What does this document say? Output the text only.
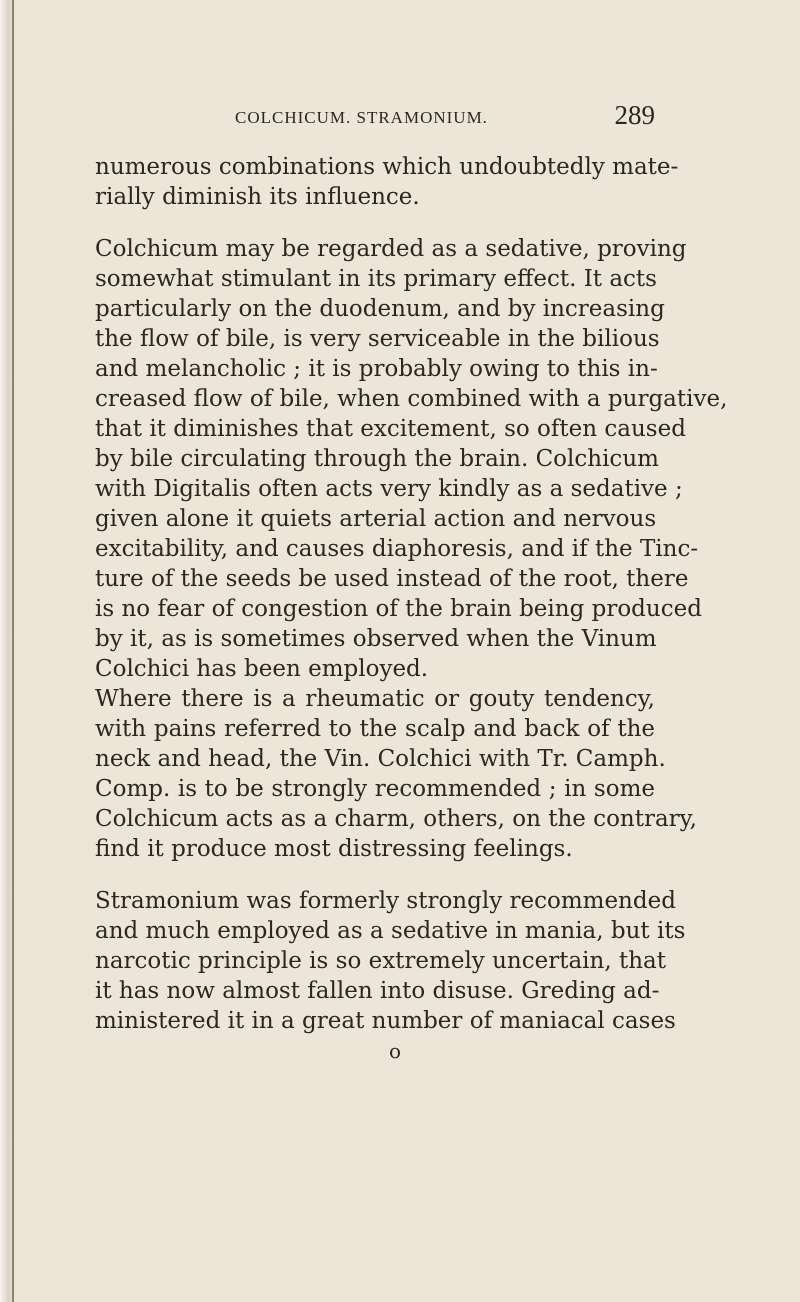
COLCHICUM. STRAMONIUM.	289
numerous combinations which undoubtedly mate-
rially diminish its influence.
Colchicum may be regarded as a sedative, proving
somewhat stimulant in its primary effect. It acts
particularly on the duodenum, and by increasing
the flow of bile, is very serviceable in the bilious
and melancholic ; it is probably owing to this in-
creased flow of bile, when combined with a purgative,
that it diminishes that excitement, so often caused
by bile circulating through the brain. Colchicum
with Digitalis often acts very kindly as a sedative ;
given alone it quiets arterial action and nervous
excitability, and causes diaphoresis, and if the Tinc-
ture of the seeds be used instead of the root, there
is no fear of congestion of the brain being produced
by it, as is sometimes observed when the Vinum
Colchici has been employed.
Where there is a rheumatic or gouty tendency,
with pains referred to the scalp and back of the
neck and head, the Vin. Colchici with Tr. Camph.
Comp. is to be strongly recommended ; in some
Colchicum acts as a charm, others, on the contrary,
find it produce most distressing feelings.
Stramonium was formerly strongly recommended
and much employed as a sedative in mania, but its
narcotic principle is so extremely uncertain, that
it has now almost fallen into disuse. Greding ad-
ministered it in a great number of maniacal cases
o
